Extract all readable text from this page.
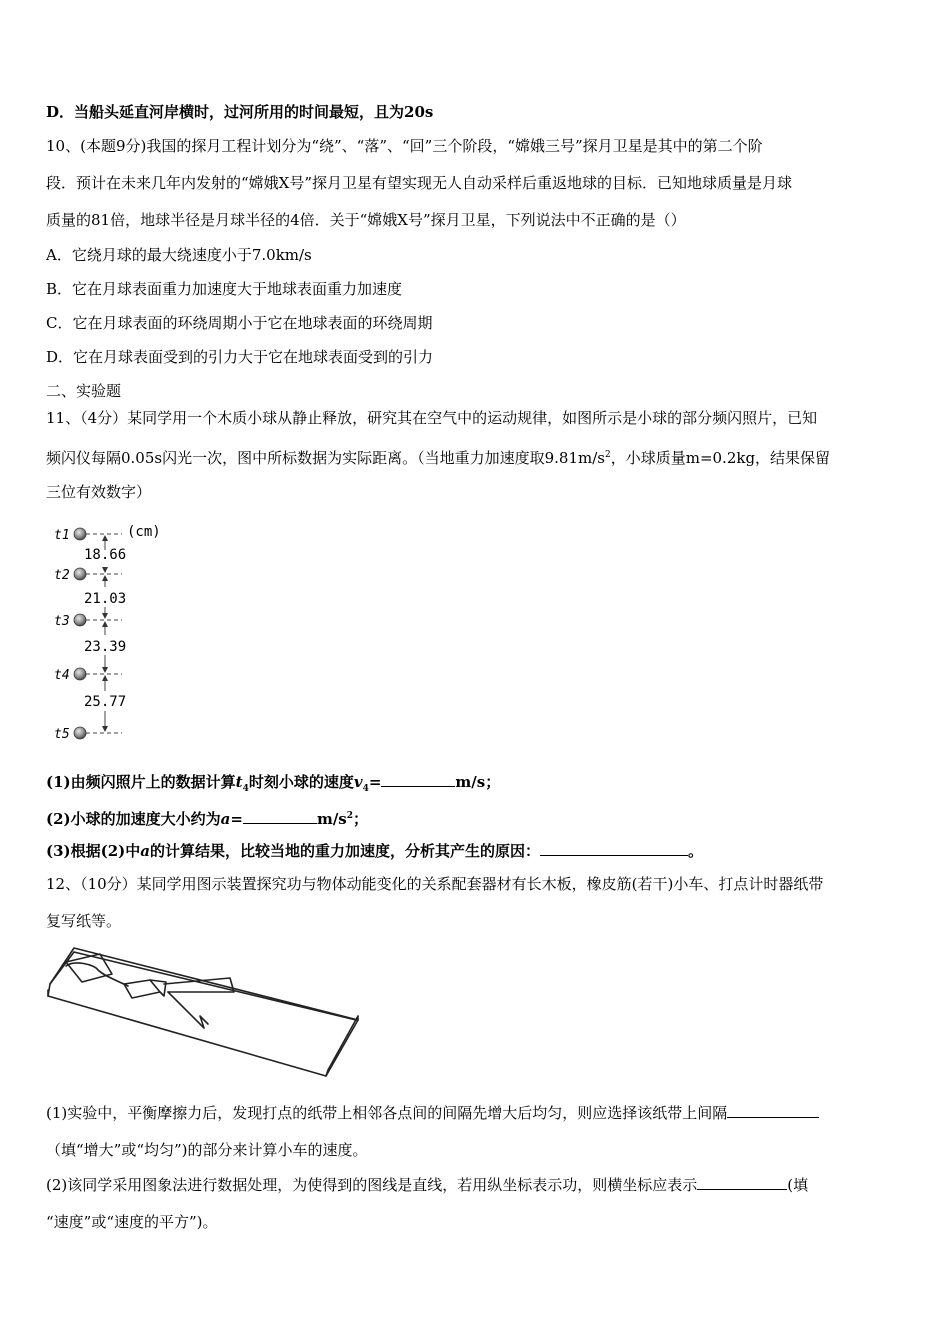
D．当船头延直河岸横时，过河所用的时间最短，且为20s
10、(本题9分)我国的探月工程计划分为“绕”、“落”、“回”三个阶段，“嫦娥三号”探月卫星是其中的第二个阶
段．预计在未来几年内发射的“嫦娥X号”探月卫星有望实现无人自动采样后重返地球的目标．已知地球质量是月球
质量的81倍，地球半径是月球半径的4倍．关于“嫦娥X号”探月卫星，下列说法中不正确的是（）
A．它绕月球的最大绕速度小于7.0km/s
B．它在月球表面重力加速度大于地球表面重力加速度
C．它在月球表面的环绕周期小于它在地球表面的环绕周期
D．它在月球表面受到的引力大于它在地球表面受到的引力
二、实验题
11、（4分）某同学用一个木质小球从静止释放，研究其在空气中的运动规律，如图所示是小球的部分频闪照片，已知
频闪仪每隔0.05s闪光一次，图中所标数据为实际距离。（当地重力加速度取$9.81m/s^2$，小球质量m=0.2kg，结果保留
三位有效数字）
t1
t2
t3
t4
t5
(cm)
18.66
21.03
23.39
25.77
(1)由频闪照片上的数据计算$t_4$时刻小球的速度$v_4=$	m/s；
(2)小球的加速度大小约为a=	$m/s^2$；
(3)根据(2)中a的计算结果，比较当地的重力加速度，分析其产生的原因：	。
12、（10分）某同学用图示装置探究功与物体动能变化的关系配套器材有长木板，橡皮筋(若干)小车、打点计时器纸带
复写纸等。
(1)实验中，平衡摩擦力后，发现打点的纸带上相邻各点间的间隔先增大后均匀，则应选择该纸带上间隔
（填“增大”或“均匀”)的部分来计算小车的速度。
(2)该同学采用图象法进行数据处理，为使得到的图线是直线，若用纵坐标表示功，则横坐标应表示	(填
“速度”或“速度的平方”)。
